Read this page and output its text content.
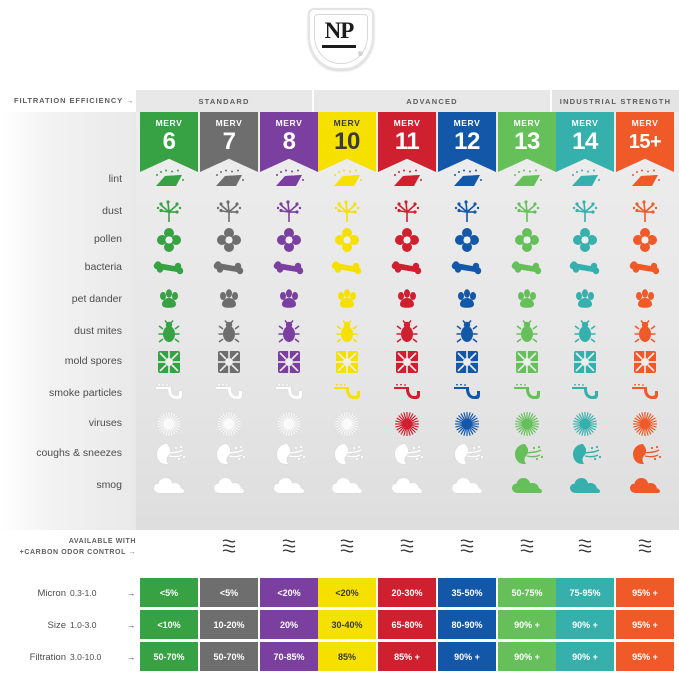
NP
®
STANDARD	ADVANCED	INDUSTRIAL STRENGTH
FILTRATION EFFICIENCY →
MERV
6
MERV
7
MERV
8
MERV
10
MERV
11
MERV
12
MERV
13
MERV
14
MERV
15+
lint
dust
pollen
bacteria
pet dander
dust mites
mold spores
smoke particles
viruses
coughs & sneezes
smog
AVAILABLE WITH
+CARBON ODOR CONTROL →
Micron 0.3-1.0	→
Size 1.0-3.0	→
Filtration 3.0-10.0	→
<5%	<5%	<20%	<20%	20-30%	35-50%	50-75%	75-95%	95% +
<10%	10-20%	20%	30-40%	65-80%	80-90%	90% +	90% +	95% +
50-70%	50-70%	70-85%	85%	85% +	90% +	90% +	90% +	95% +
